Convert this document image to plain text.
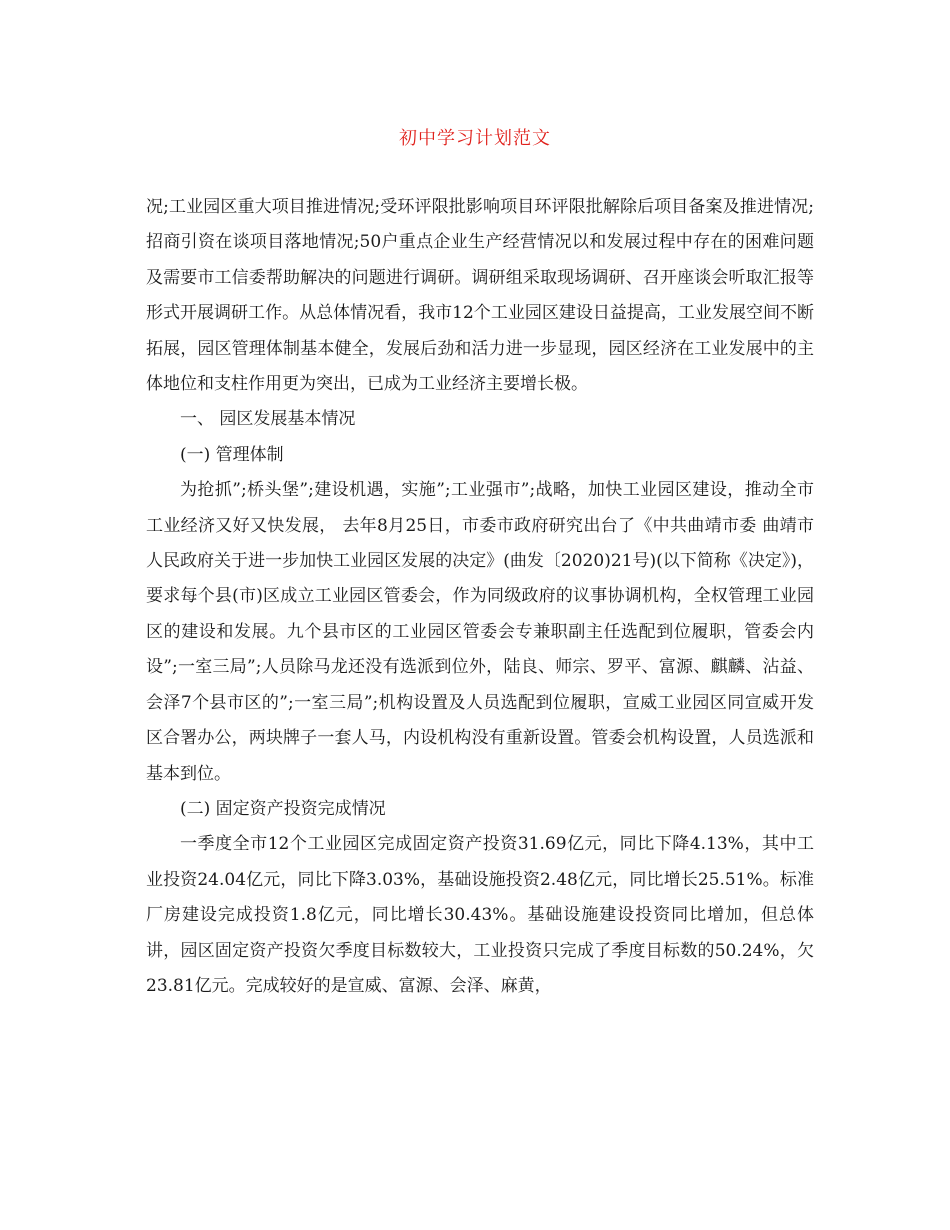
初中学习计划范文

况;工业园区重大项目推进情况;受环评限批影响项目环评限批解除后项目备案及推进情况;招商引资在谈项目落地情况;50户重点企业生产经营情况以和发展过程中存在的困难问题及需要市工信委帮助解决的问题进行调研。调研组采取现场调研、召开座谈会听取汇报等形式开展调研工作。从总体情况看，我市12个工业园区建设日益提高，工业发展空间不断拓展，园区管理体制基本健全，发展后劲和活力进一步显现，园区经济在工业发展中的主体地位和支柱作用更为突出，已成为工业经济主要增长极。

一、 园区发展基本情况

(一) 管理体制

为抢抓”;桥头堡”;建设机遇，实施”;工业强市”;战略，加快工业园区建设，推动全市工业经济又好又快发展， 去年8月25日，市委市政府研究出台了《中共曲靖市委 曲靖市人民政府关于进一步加快工业园区发展的决定》(曲发〔2020)21号)(以下简称《决定》)，要求每个县(市)区成立工业园区管委会，作为同级政府的议事协调机构，全权管理工业园区的建设和发展。九个县市区的工业园区管委会专兼职副主任选配到位履职，管委会内设”;一室三局”;人员除马龙还没有选派到位外，陆良、师宗、罗平、富源、麒麟、沾益、会泽7个县市区的”;一室三局”;机构设置及人员选配到位履职，宣威工业园区同宣威开发区合署办公，两块牌子一套人马，内设机构没有重新设置。管委会机构设置，人员选派和基本到位。

(二) 固定资产投资完成情况

一季度全市12个工业园区完成固定资产投资31.69亿元，同比下降4.13%，其中工业投资24.04亿元，同比下降3.03%，基础设施投资2.48亿元，同比增长25.51%。标准厂房建设完成投资1.8亿元，同比增长30.43%。基础设施建设投资同比增加，但总体讲，园区固定资产投资欠季度目标数较大，工业投资只完成了季度目标数的50.24%，欠23.81亿元。完成较好的是宣威、富源、会泽、麻黄，
